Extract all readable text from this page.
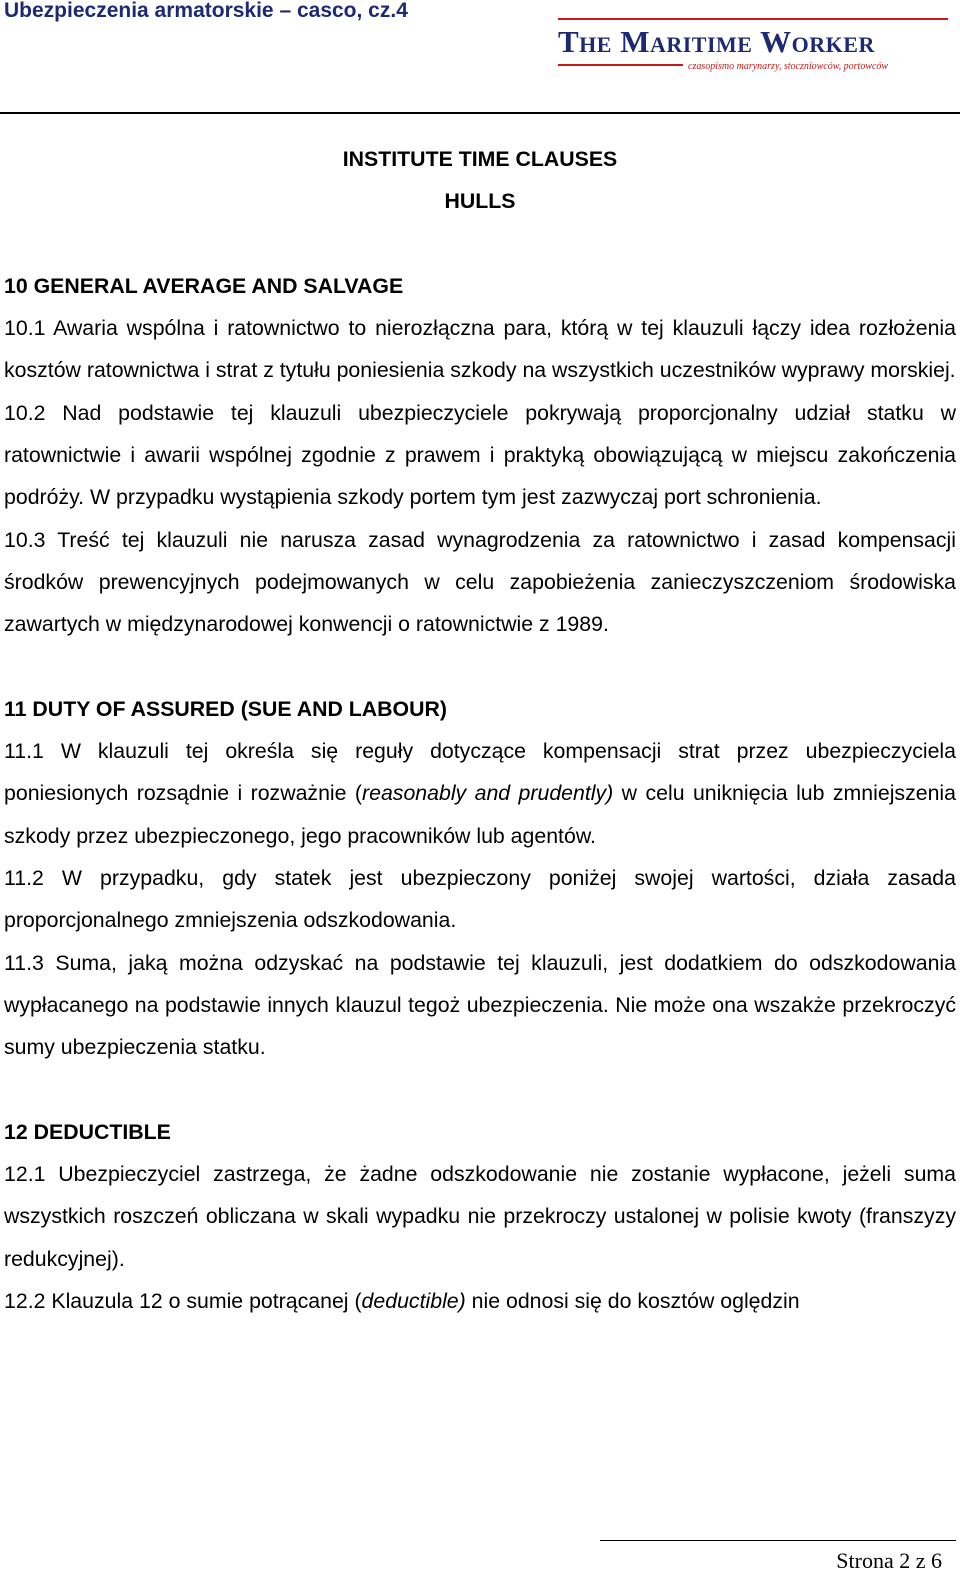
Ubezpieczenia armatorskie – casco, cz.4
The Maritime Worker
czasopismo marynarzy, stoczniowców, portowców

INSTITUTE TIME CLAUSES

HULLS

10 GENERAL AVERAGE AND SALVAGE

10.1 Awaria wspólna i ratownictwo to nierozłączna para, którą w tej klauzuli łączy idea rozłożenia kosztów ratownictwa i strat z tytułu poniesienia szkody na wszystkich uczestników wyprawy morskiej.

10.2 Nad podstawie tej klauzuli ubezpieczyciele pokrywają proporcjonalny udział statku w ratownictwie i awarii wspólnej zgodnie z prawem i praktyką obowiązującą w miejscu zakończenia podróży. W przypadku wystąpienia szkody portem tym jest zazwyczaj port schronienia.

10.3 Treść tej klauzuli nie narusza zasad wynagrodzenia za ratownictwo i zasad kompensacji środków prewencyjnych podejmowanych w celu zapobieżenia zanieczyszczeniom środowiska zawartych w międzynarodowej konwencji o ratownictwie z 1989.

11 DUTY OF ASSURED (SUE AND LABOUR)

11.1 W klauzuli tej określa się reguły dotyczące kompensacji strat przez ubezpieczyciela poniesionych rozsądnie i rozważnie (reasonably and prudently) w celu uniknięcia lub zmniejszenia szkody przez ubezpieczonego, jego pracowników lub agentów.

11.2 W przypadku, gdy statek jest ubezpieczony poniżej swojej wartości, działa zasada proporcjonalnego zmniejszenia odszkodowania.

11.3 Suma, jaką można odzyskać na podstawie tej klauzuli, jest dodatkiem do odszkodowania wypłacanego na podstawie innych klauzul tegoż ubezpieczenia. Nie może ona wszakże przekroczyć sumy ubezpieczenia statku.

12 DEDUCTIBLE

12.1 Ubezpieczyciel zastrzega, że żadne odszkodowanie nie zostanie wypłacone, jeżeli suma wszystkich roszczeń obliczana w skali wypadku nie przekroczy ustalonej w polisie kwoty (franszyzy redukcyjnej).

12.2 Klauzula 12 o sumie potrącanej (deductible) nie odnosi się do kosztów oględzin

Strona 2 z 6
